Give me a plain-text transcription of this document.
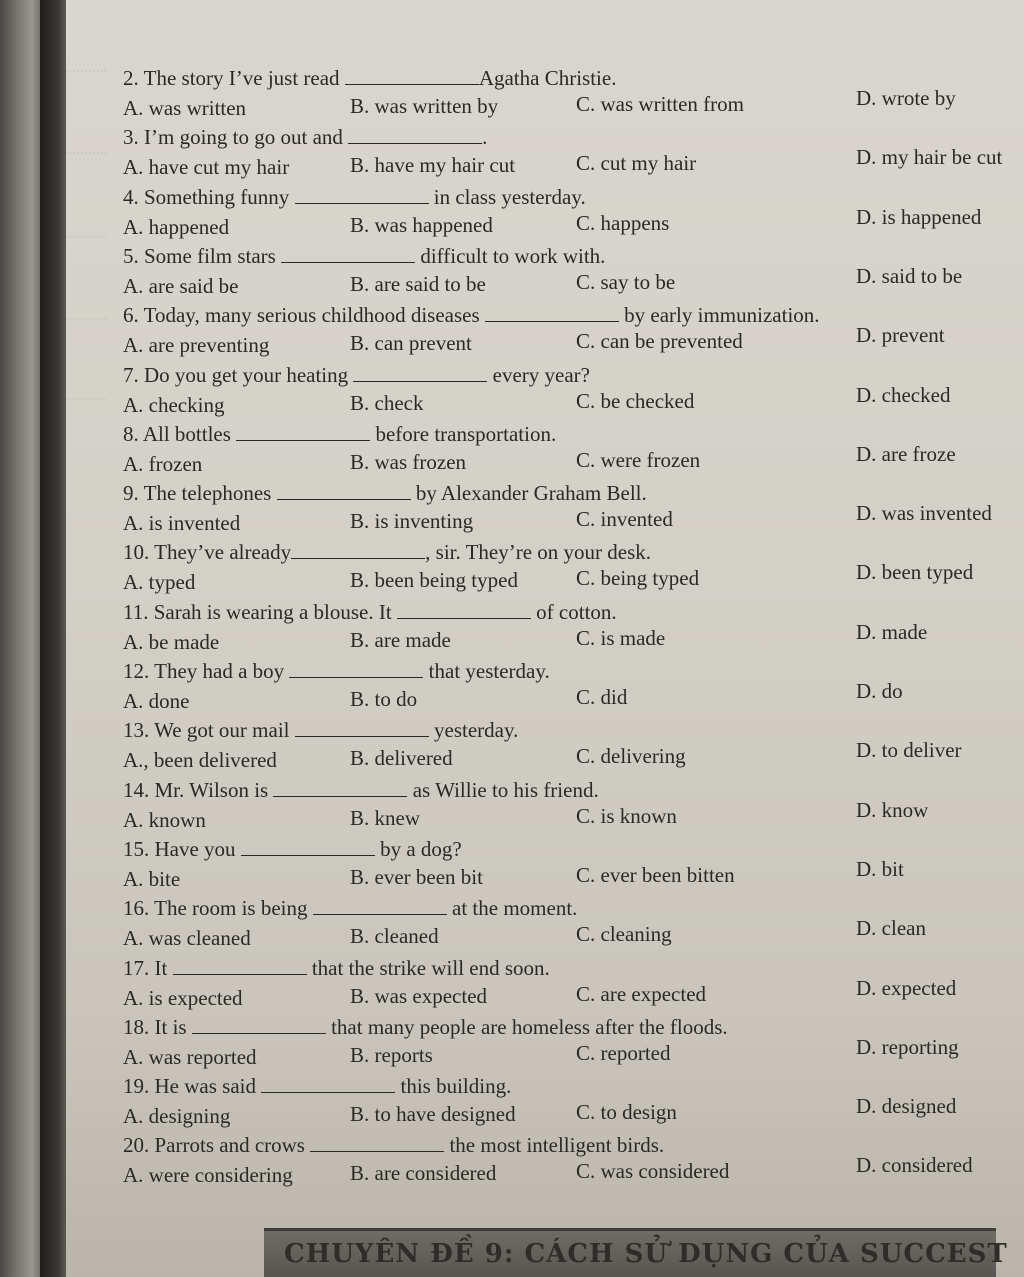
2. The story I’ve just read	Agatha Christie.
A. was written	B. was written by	C. was written from	D. wrote by
3. I’m going to go out and	.
A. have cut my hair	B. have my hair cut	C. cut my hair	D. my hair be cut
4. Something funny	in class yesterday.
A. happened	B. was happened	C. happens	D. is happened
5. Some film stars	difficult to work with.
A. are said be	B. are said to be	C. say to be	D. said to be
6. Today, many serious childhood diseases	by early immunization.
A. are preventing	B. can prevent	C. can be prevented	D. prevent
7. Do you get your heating	every year?
A. checking	B. check	C. be checked	D. checked
8. All bottles	before transportation.
A. frozen	B. was frozen	C. were frozen	D. are froze
9. The telephones	by Alexander Graham Bell.
A. is invented	B. is inventing	C. invented	D. was invented
10. They’ve already	, sir. They’re on your desk.
A. typed	B. been being typed	C. being typed	D. been typed
11. Sarah is wearing a blouse. It	of cotton.
A. be made	B. are made	C. is made	D. made
12. They had a boy	that yesterday.
A. done	B. to do	C. did	D. do
13. We got our mail	yesterday.
A., been delivered	B. delivered	C. delivering	D. to deliver
14. Mr. Wilson is	as Willie to his friend.
A. known	B. knew	C. is known	D. know
15. Have you	by a dog?
A. bite	B. ever been bit	C. ever been bitten	D. bit
16. The room is being	at the moment.
A. was cleaned	B. cleaned	C. cleaning	D. clean
17. It	that the strike will end soon.
A. is expected	B. was expected	C. are expected	D. expected
18. It is	that many people are homeless after the floods.
A. was reported	B. reports	C. reported	D. reporting
19. He was said	this building.
A. designing	B. to have designed	C. to design	D. designed
20. Parrots and crows	the most intelligent birds.
A. were considering	B. are considered	C. was considered	D. considered
CHUYÊN ĐỀ 9: CÁCH SỬ DỤNG CỦA SUCCEST
